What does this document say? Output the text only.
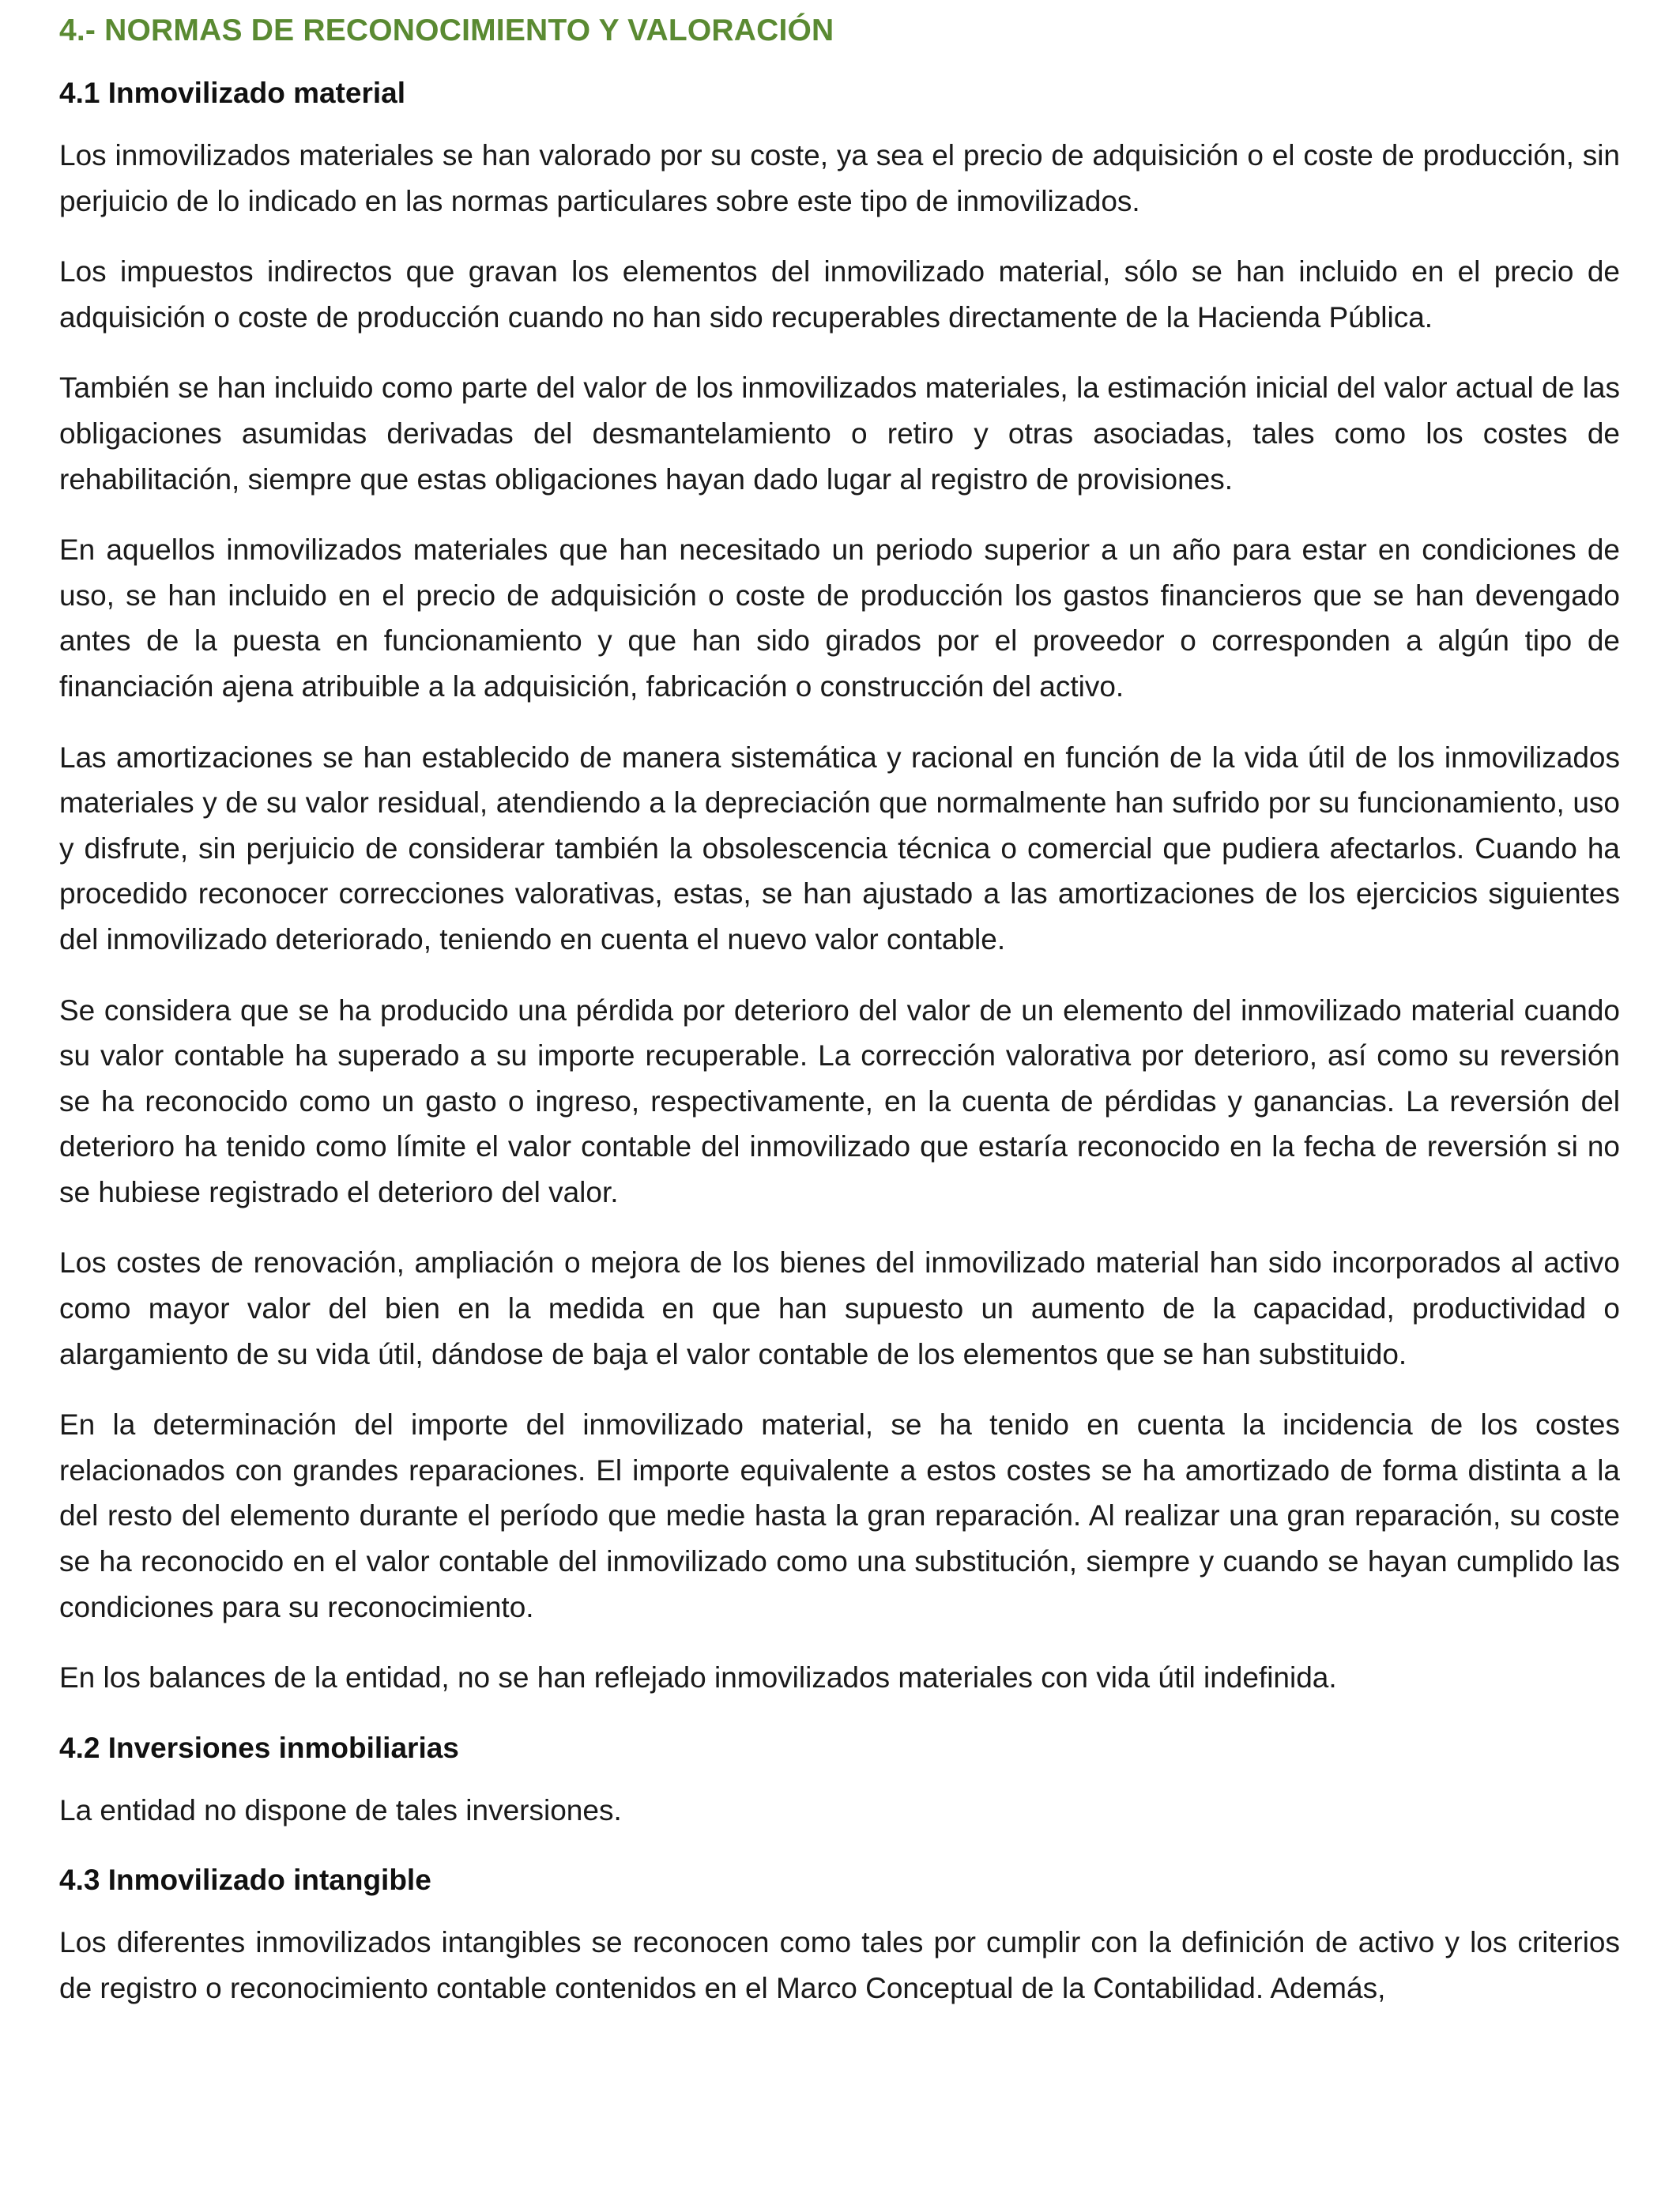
4.- NORMAS DE RECONOCIMIENTO Y VALORACIÓN
4.1 Inmovilizado material

Los inmovilizados materiales se han valorado por su coste, ya sea el precio de adquisición o el coste de producción, sin perjuicio de lo indicado en las normas particulares sobre este tipo de inmovilizados.

Los impuestos indirectos que gravan los elementos del inmovilizado material, sólo se han incluido en el precio de adquisición o coste de producción cuando no han sido recuperables directamente de la Hacienda Pública.

También se han incluido como parte del valor de los inmovilizados materiales, la estimación inicial del valor actual de las obligaciones asumidas derivadas del desmantelamiento o retiro y otras asociadas, tales como los costes de rehabilitación, siempre que estas obligaciones hayan dado lugar al registro de provisiones.

En aquellos inmovilizados materiales que han necesitado un periodo superior a un año para estar en condiciones de uso, se han incluido en el precio de adquisición o coste de producción los gastos financieros que se han devengado antes de la puesta en funcionamiento y que han sido girados por el proveedor o corresponden a algún tipo de financiación ajena atribuible a la adquisición, fabricación o construcción del activo.

Las amortizaciones se han establecido de manera sistemática y racional en función de la vida útil de los inmovilizados materiales y de su valor residual, atendiendo a la depreciación que normalmente han sufrido por su funcionamiento, uso y disfrute, sin perjuicio de considerar también la obsolescencia técnica o comercial que pudiera afectarlos. Cuando ha procedido reconocer correcciones valorativas, estas, se han ajustado a las amortizaciones de los ejercicios siguientes del inmovilizado deteriorado, teniendo en cuenta el nuevo valor contable.

Se considera que se ha producido una pérdida por deterioro del valor de un elemento del inmovilizado material cuando su valor contable ha superado a su importe recuperable. La corrección valorativa por deterioro, así como su reversión se ha reconocido como un gasto o ingreso, respectivamente, en la cuenta de pérdidas y ganancias. La reversión del deterioro ha tenido como límite el valor contable del inmovilizado que estaría reconocido en la fecha de reversión si no se hubiese registrado el deterioro del valor.

Los costes de renovación, ampliación o mejora de los bienes del inmovilizado material han sido incorporados al activo como mayor valor del bien en la medida en que han supuesto un aumento de la capacidad, productividad o alargamiento de su vida útil, dándose de baja el valor contable de los elementos que se han substituido.

En la determinación del importe del inmovilizado material, se ha tenido en cuenta la incidencia de los costes relacionados con grandes reparaciones. El importe equivalente a estos costes se ha amortizado de forma distinta a la del resto del elemento durante el período que medie hasta la gran reparación. Al realizar una gran reparación, su coste se ha reconocido en el valor contable del inmovilizado como una substitución, siempre y cuando se hayan cumplido las condiciones para su reconocimiento.

En los balances de la entidad, no se han reflejado inmovilizados materiales con vida útil indefinida.

4.2 Inversiones inmobiliarias

La entidad no dispone de tales inversiones.

4.3 Inmovilizado intangible

Los diferentes inmovilizados intangibles se reconocen como tales por cumplir con la definición de activo y los criterios de registro o reconocimiento contable contenidos en el Marco Conceptual de la Contabilidad. Además,
